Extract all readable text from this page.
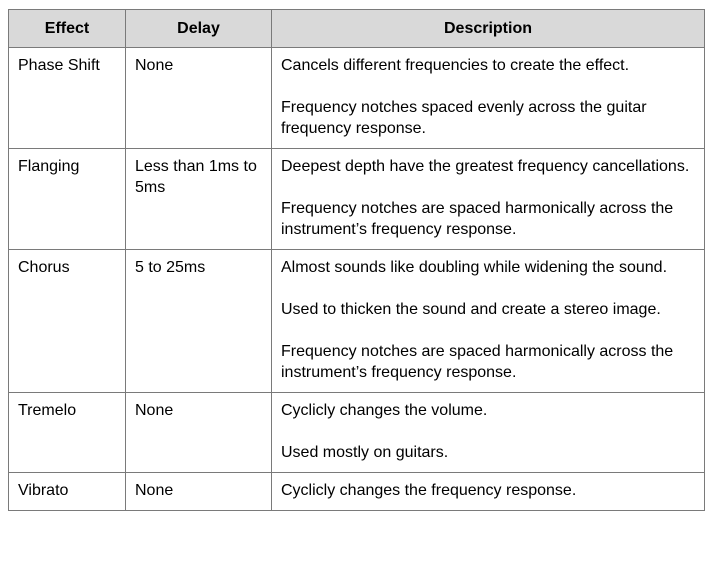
Effect	Delay	Description
Phase Shift	None	Cancels different frequencies to create the effect.

Frequency notches spaced evenly across the guitar frequency response.

Flanging	Less than 1ms to 5ms	Deepest depth have the greatest frequency cancellations.

Frequency notches are spaced harmonically across the instrument’s frequency response.

Chorus	5 to 25ms	Almost sounds like doubling while widening the sound.

Used to thicken the sound and create a stereo image.

Frequency notches are spaced harmonically across the instrument’s frequency response.

Tremelo	None	Cyclicly changes the volume.

Used mostly on guitars.

Vibrato	None	Cyclicly changes the frequency response.
